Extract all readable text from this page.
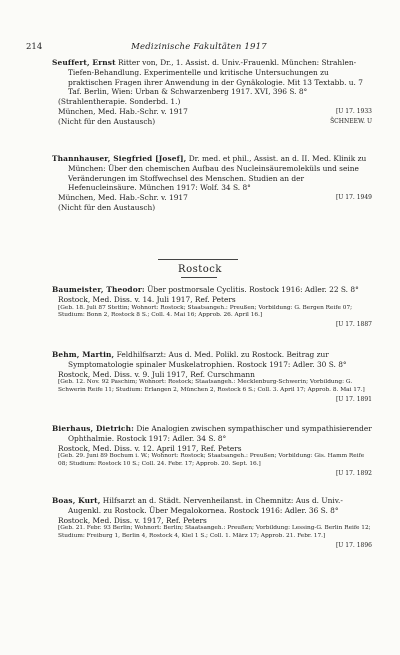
214	Medizinische Fakultäten 1917

Seuffert, Ernst Ritter von, Dr., 1. Assist. d. Univ.-Frauenkl. München: Strahlen-Tiefen-Behandlung. Experimentelle und kritische Untersuchungen zu praktischen Fragen ihrer Anwendung in der Gynäkologie. Mit 13 Textabb. u. 7 Taf. Berlin, Wien: Urban & Schwarzenberg 1917. XVI, 396 S. 8°

(Strahlentherapie. Sonderbd. 1.)

München, Med. Hab.-Schr. v. 1917	[U 17. 1933
(Nicht für den Austausch)	ŠCHNEEW. U

Thannhauser, Siegfried [Josef], Dr. med. et phil., Assist. an d. II. Med. Klinik zu München: Über den chemischen Aufbau des Nucleinsäuremoleküls und seine Veränderungen im Stoffwechsel des Menschen. Studien an der Hefenucleinsäure. München 1917: Wolf. 34 S. 8°

München, Med. Hab.-Schr. v. 1917	[U 17. 1949

(Nicht für den Austausch)

Rostock

Baumeister, Theodor: Über postmorsale Cyclitis. Rostock 1916: Adler. 22 S. 8°

Rostock, Med. Diss. v. 14. Juli 1917, Ref. Peters

[Geb. 18. Juli 87 Stettin; Wohnort: Rostock; Staatsangeh.: Preußen; Vorbildung: G. Bergen Reife 07; Studium: Bonn 2, Rostock 8 S.; Coll. 4. Mai 16; Approb. 26. April 16.]

[U 17. 1887

Behm, Martin, Feldhilfsarzt: Aus d. Med. Polikl. zu Rostock. Beitrag zur Symptomatologie spinaler Muskelatrophien. Rostock 1917: Adler. 30 S. 8°

Rostock, Med. Diss. v. 9. Juli 1917, Ref. Curschmann

[Geb. 12. Nov. 92 Paschim; Wohnort: Rostock; Staatsangeh.: Mecklenburg-Schwerin; Vorbildung: G. Schwerin Reife 11; Studium: Erlangen 2, München 2, Rostock 6 S.; Coll. 3. April 17; Approb. 8. Mai 17.]

[U 17. 1891

Bierhaus, Dietrich: Die Analogien zwischen sympathischer und sympathisierender Ophthalmie. Rostock 1917: Adler. 34 S. 8°

Rostock, Med. Diss. v. 12. April 1917, Ref. Peters

[Geb. 29. Juni 89 Bochum i. W.; Wohnort: Rostock; Staatsangeh.: Preußen; Vorbildung: Gis. Hamm Reife 08; Studium: Rostock 10 S.; Coll. 24. Febr. 17; Approb. 20. Sept. 16.]

[U 17. 1892

Boas, Kurt, Hilfsarzt an d. Städt. Nervenheilanst. in Chemnitz: Aus d. Univ.-Augenkl. zu Rostock. Über Megalokornea. Rostock 1916: Adler. 36 S. 8°

Rostock, Med. Diss. v. 1917, Ref. Peters

[Geb. 21. Febr. 93 Berlin; Wohnort: Berlin; Staatsangeh.: Preußen; Vorbildung: Lessing-G. Berlin Reife 12; Studium: Freiburg 1, Berlin 4, Rostock 4, Kiel 1 S.; Coll. 1. März 17; Approb. 21. Febr. 17.]

[U 17. 1896
